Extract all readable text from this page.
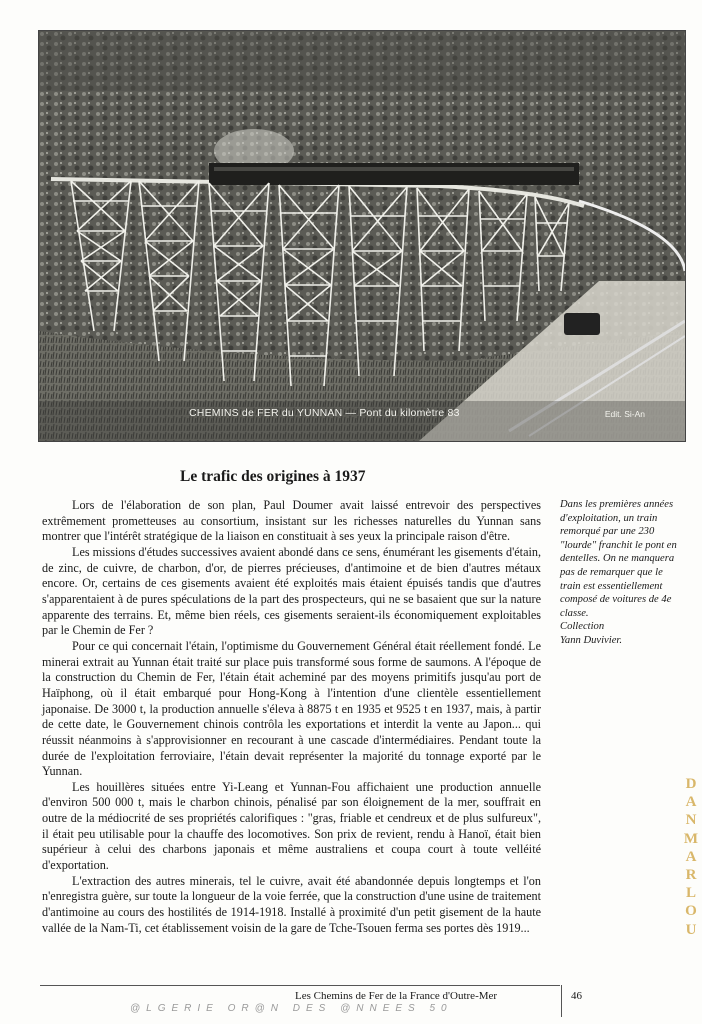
CHEMINS de FER du YUNNAN — Pont du kilomètre 83	Edit. Si-An
Le trafic des origines à 1937

Lors de l'élaboration de son plan, Paul Doumer avait laissé entrevoir des perspectives extrêmement prometteuses au consortium, insistant sur les richesses naturelles du Yunnan sans montrer que l'intérêt stratégique de la liaison en constituait à ses yeux la principale raison d'être.

Les missions d'études successives avaient abondé dans ce sens, énumérant les gisements d'étain, de zinc, de cuivre, de charbon, d'or, de pierres précieuses, d'antimoine et de bien d'autres métaux encore. Or, certains de ces gisements avaient été exploités mais étaient épuisés tandis que d'autres s'apparentaient à de pures spéculations de la part des prospecteurs, qui ne se basaient que sur la nature apparente des terrains. Et, même bien réels, ces gisements seraient-ils économiquement exploitables par le Chemin de Fer ?

Pour ce qui concernait l'étain, l'optimisme du Gouvernement Général était réellement fondé. Le minerai extrait au Yunnan était traité sur place puis transformé sous forme de saumons. A l'époque de la construction du Chemin de Fer, l'étain était acheminé par des moyens primitifs jusqu'au port de Haïphong, où il était embarqué pour Hong-Kong à l'intention d'une clientèle essentiellement japonaise. De 3000 t, la production annuelle s'éleva à 8875 t en 1935 et 9525 t en 1937, mais, à partir de cette date, le Gouvernement chinois contrôla les exportations et interdit la vente au Japon... qui réussit néanmoins à s'approvisionner en recourant à une cascade d'intermédiaires. Pendant toute la durée de l'exploitation ferroviaire, l'étain devait représenter la majorité du tonnage exporté par le Yunnan.

Les houillères situées entre Yi-Leang et Yunnan-Fou affichaient une production annuelle d'environ 500 000 t, mais le charbon chinois, pénalisé par son éloignement de la mer, souffrait en outre de la médiocrité de ses propriétés calorifiques : "gras, friable et cendreux et de plus sulfureux", il était peu utilisable pour la chauffe des locomotives. Son prix de revient, rendu à Hanoï, était bien supérieur à celui des charbons japonais et même australiens et coupa court à toute velléité d'exportation.

L'extraction des autres minerais, tel le cuivre, avait été abandonnée depuis longtemps et l'on n'enregistra guère, sur toute la longueur de la voie ferrée, que la construction d'une usine de traitement d'antimoine au cours des hostilités de 1914-1918. Installé à proximité d'un petit gisement de la haute vallée de la Nam-Ti, cet établissement voisin de la gare de Tche-Tsouen ferma ses portes dès 1919...

Dans les premières années d'exploitation, un train remorqué par une 230 "lourde" franchit le pont en dentelles. On ne manquera pas de remarquer que le train est essentiellement composé de voitures de 4e classe.
Collection
Yann Duvivier.
D
A
N
M
A
R
L
O
U
Les Chemins de Fer de la France d'Outre-Mer	46
@LGERIE OR@N DES @NNEES 50
